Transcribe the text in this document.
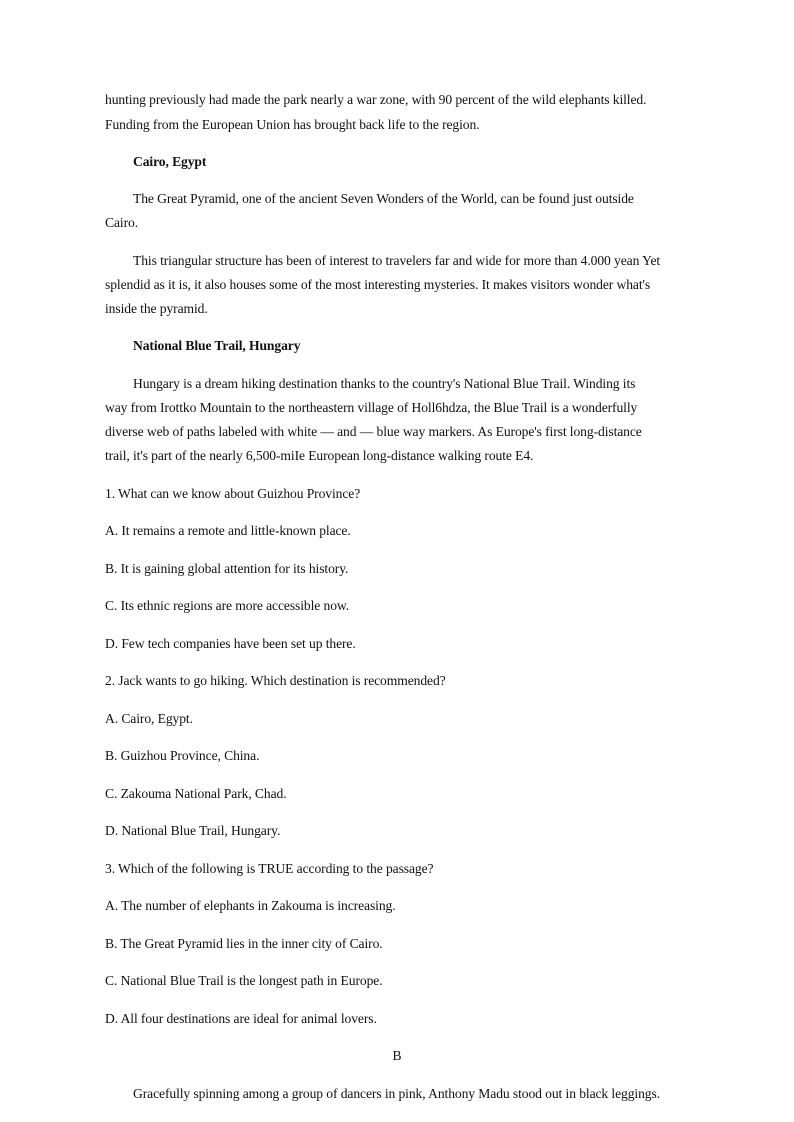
hunting previously had made the park nearly a war zone, with 90 percent of the wild elephants killed.
Funding from the European Union has brought back life to the region.
Cairo, Egypt
The Great Pyramid, one of the ancient Seven Wonders of the World, can be found just outside
Cairo.
This triangular structure has been of interest to travelers far and wide for more than 4.000 yean Yet
splendid as it is, it also houses some of the most interesting mysteries. It makes visitors wonder what's
inside the pyramid.
National Blue Trail, Hungary
Hungary is a dream hiking destination thanks to the country's National Blue Trail. Winding its
way from Irottko Mountain to the northeastern village of Holl6hdza, the Blue Trail is a wonderfully
diverse web of paths labeled with white — and — blue way markers. As Europe's first long-distance
trail, it's part of the nearly 6,500-miIe European long-distance walking route E4.
1. What can we know about Guizhou Province?
A. It remains a remote and little-known place.
B. It is gaining global attention for its history.
C. Its ethnic regions are more accessible now.
D. Few tech companies have been set up there.
2. Jack wants to go hiking. Which destination is recommended?
A. Cairo, Egypt.
B. Guizhou Province, China.
C. Zakouma National Park, Chad.
D. National Blue Trail, Hungary.
3. Which of the following is TRUE according to the passage?
A. The number of elephants in Zakouma is increasing.
B. The Great Pyramid lies in the inner city of Cairo.
C. National Blue Trail is the longest path in Europe.
D. All four destinations are ideal for animal lovers.
B
Gracefully spinning among a group of dancers in pink, Anthony Madu stood out in black leggings.
